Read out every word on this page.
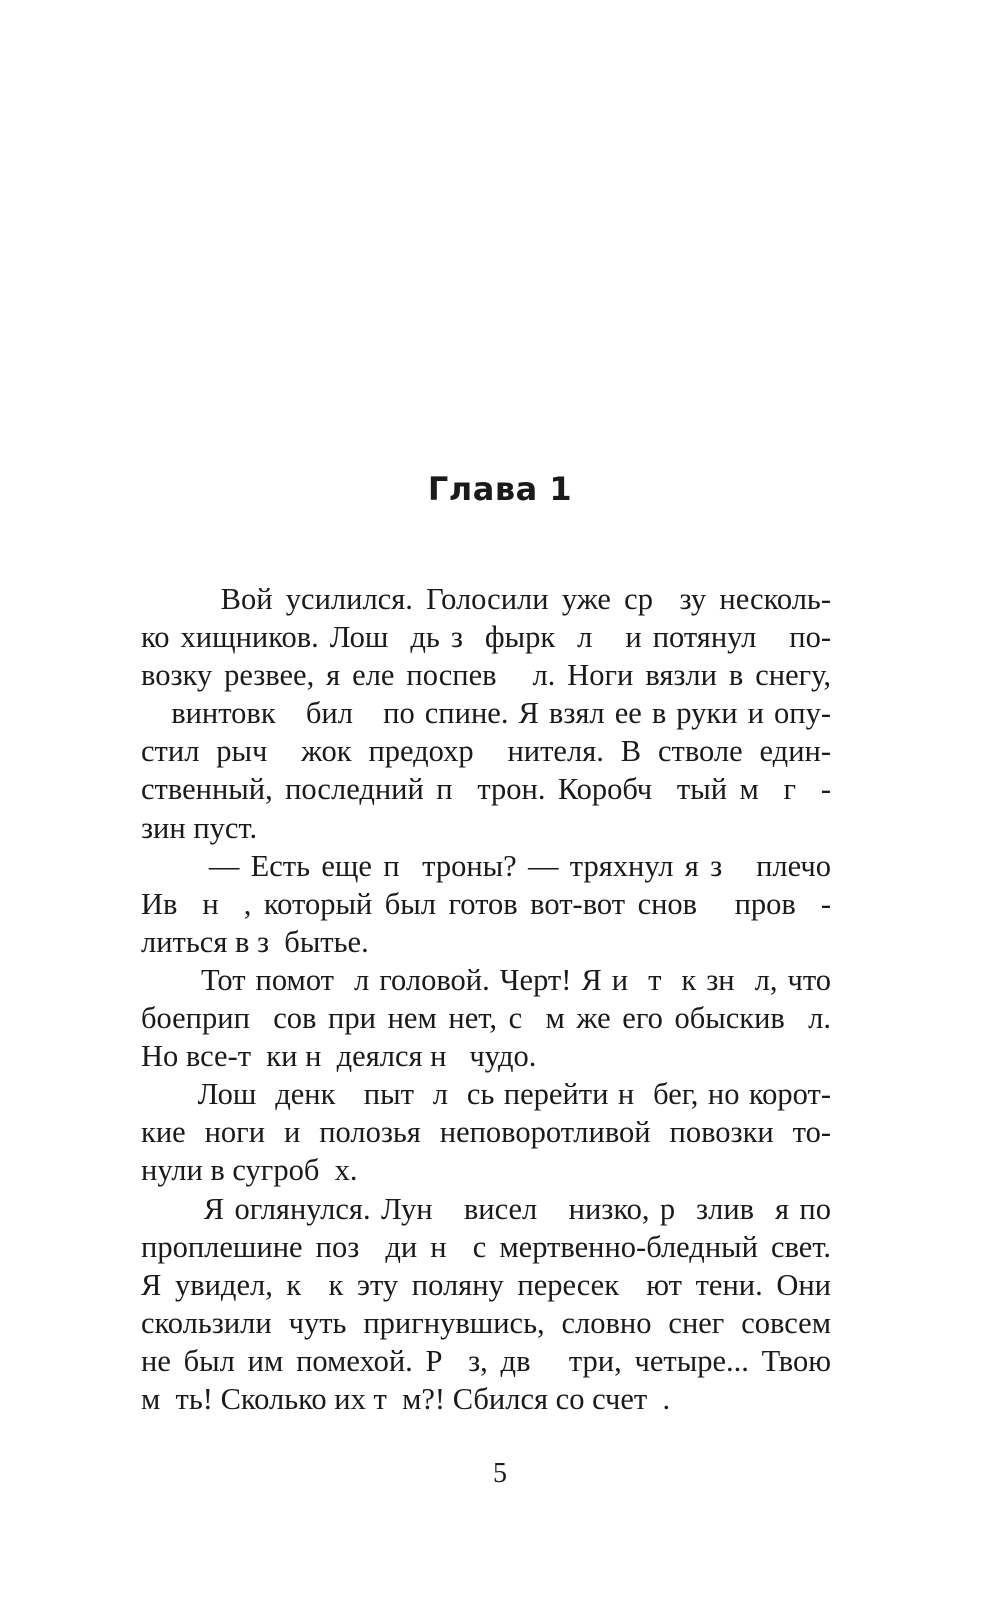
Глава 1
Вой усилился. Голосили уже ср  зу несколь-
ко хищников. Лош  дь з  фырк  л   и потянул   по-
возку резвее, я еле поспев   л. Ноги вязли в снегу,
винтовк   бил   по спине. Я взял ее в руки и опу-
стил рыч  жок предохр  нителя. В стволе един-
ственный, последний п  трон. Коробч  тый м  г  -
зин пуст.
— Есть еще п  троны? — тряхнул я з   плечо
Ив  н  , который был готов вот-вот снов   пров  -
литься в з  бытье.
Тот помот  л головой. Черт! Я и  т  к зн  л, что
боеприп  сов при нем нет, с  м же его обыскив  л.
Но все-т  ки н  деялся н   чудо.
Лош  денк   пыт  л  сь перейти н  бег, но корот-
кие ноги и полозья неповоротливой повозки то-
нули в сугроб  х.
Я оглянулся. Лун   висел   низко, р  злив  я по
проплешине поз  ди н  с мертвенно-бледный свет.
Я увидел, к  к эту поляну пересек  ют тени. Они
скользили чуть пригнувшись, словно снег совсем
не был им помехой. Р  з, дв   три, четыре... Твою
м  ть! Сколько их т  м?! Сбился со счет  .
5
